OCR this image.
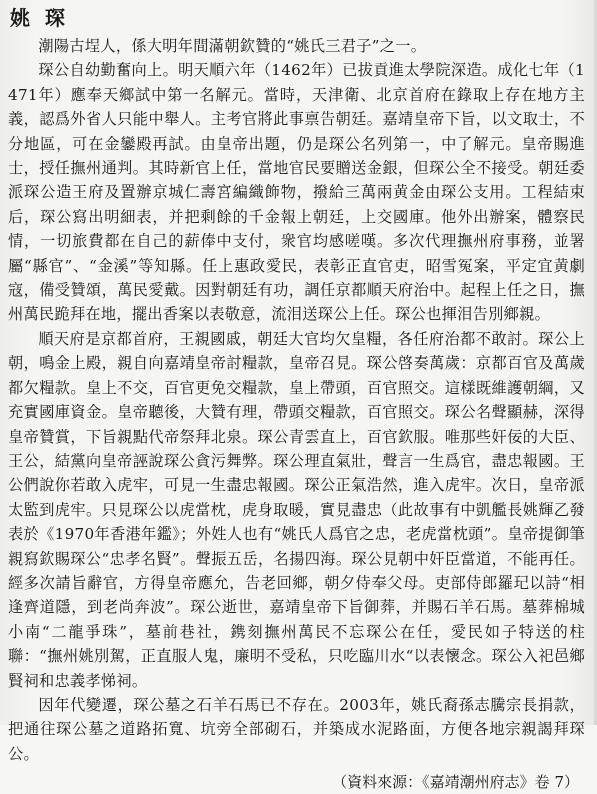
姚 琛

潮陽古埕人，係大明年間滿朝欽贊的“姚氏三君子”之一。

琛公自幼勤奮向上。明天順六年（1462年）已拔貢進太學院深造。成化七年（1471年）應奉天鄉試中第一名解元。當時，天津衛、北京首府在錄取上存在地方主義，認爲外省人只能中舉人。主考官將此事禀告朝廷。嘉靖皇帝下旨，以文取士，不分地區，可在金鑾殿再試。由皇帝出題，仍是琛公名列第一，中了解元。皇帝賜進士，授任撫州通判。其時新官上任，當地官民要贈送金銀，但琛公全不接受。朝廷委派琛公造王府及置辦京城仁壽宮編織飾物，撥給三萬兩黄金由琛公支用。工程結束后，琛公寫出明細表，并把剩餘的千金報上朝廷，上交國庫。他外出辦案，體察民情，一切旅費都在自己的薪俸中支付，衆官均感嗟嘆。多次代理撫州府事務，並署屬“縣官”、“金溪”等知縣。任上惠政愛民，表彰正直官吏，昭雪冤案，平定宜黄劇寇，備受贊頌，萬民愛戴。因對朝廷有功，調任京都順天府治中。起程上任之日，撫州萬民跪拜在地，擺出香案以表敬意，流泪送琛公上任。琛公也揮泪告別鄉親。

順天府是京都首府，王親國戚，朝廷大官均欠皇糧，各任府治都不敢討。琛公上朝，鳴金上殿，親自向嘉靖皇帝討糧款，皇帝召見。琛公啓奏萬歲：京都百官及萬歲都欠糧款。皇上不交，百官更免交糧款，皇上帶頭，百官照交。這樣既維護朝綱，又充實國庫資金。皇帝聽後，大贊有理，帶頭交糧款，百官照交。琛公名聲顯赫，深得皇帝贊賞，下旨親點代帝祭拜北泉。琛公青雲直上，百官欽服。唯那些奸佞的大臣、王公，結黨向皇帝誣說琛公貪污舞弊。琛公理直氣壯，聲言一生爲官，盡忠報國。王公們說你若敢入虎牢，可見一生盡忠報國。琛公正氣浩然，進入虎牢。次日，皇帝派太監到虎牢。只見琛公以虎當枕，虎身取暖，實見盡忠（此故事有中凱艦長姚輝乙發表於《1970年香港年鑑》；外姓人也有“姚氏人爲官之忠，老虎當枕頭”。皇帝提御筆親寫欽賜琛公“忠孝名賢”。聲振五岳，名揚四海。琛公見朝中奸臣當道，不能再任。經多次請旨辭官，方得皇帝應允，告老回鄉，朝夕侍奉父母。吏部侍郎羅玘以詩“相逢齊道隱，到老尚奔波”。琛公逝世，嘉靖皇帝下旨御葬，并賜石羊石馬。墓葬棉城小南“二龍爭珠”，墓前巷社，鎸刻撫州萬民不忘琛公在任，愛民如子特送的柱聯：“撫州姚別駕，正直服人鬼，廉明不受私，只吃臨川水“以表懷念。琛公入祀邑鄉賢祠和忠義孝悌祠。

因年代變遷，琛公墓之石羊石馬已不存在。2003年，姚氏裔孫志騰宗長捐款，把通往琛公墓之道路拓寬、坑旁全部砌石，并築成水泥路面，方便各地宗親謁拜琛公。

（資料來源：《嘉靖潮州府志》卷 7）
